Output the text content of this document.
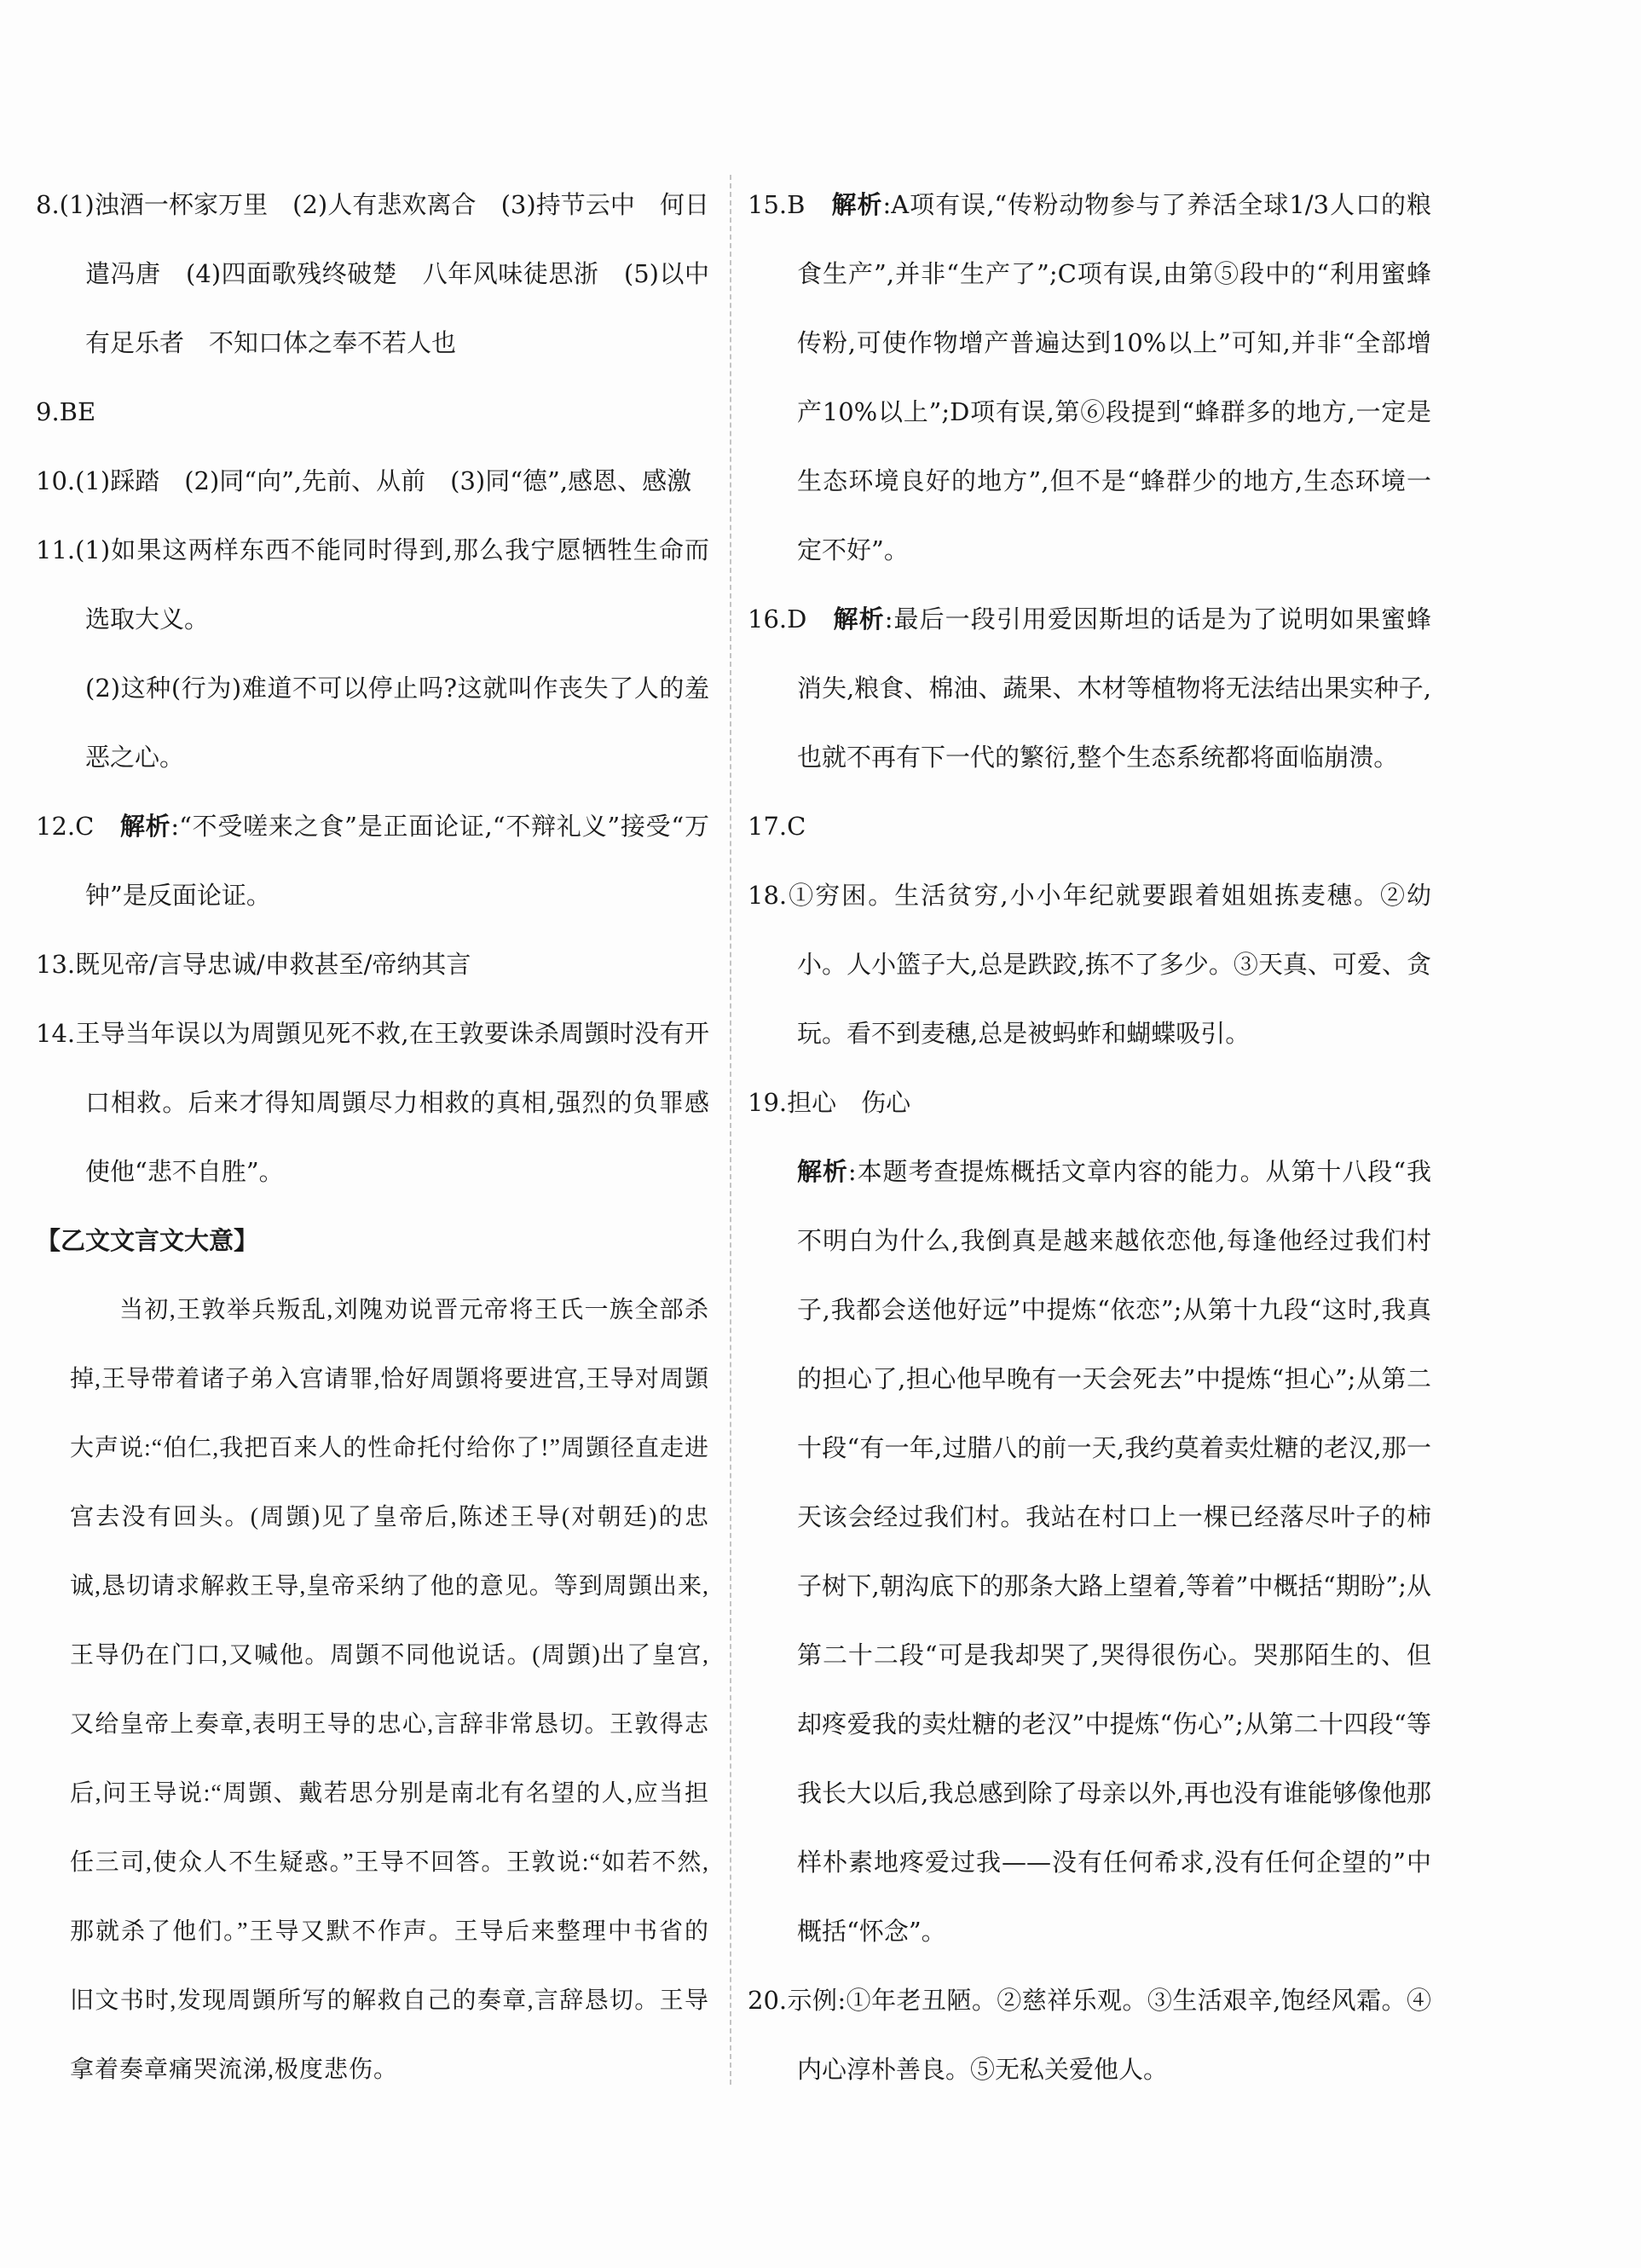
8.(1)浊酒一杯家万里　(2)人有悲欢离合　(3)持节云中　何日遣冯唐　(4)四面歌残终破楚　八年风味徒思浙　(5)以中有足乐者　不知口体之奉不若人也

9.BE

10.(1)踩踏　(2)同“向”,先前、从前　(3)同“德”,感恩、感激

11.(1)如果这两样东西不能同时得到,那么我宁愿牺牲生命而选取大义。

(2)这种(行为)难道不可以停止吗?这就叫作丧失了人的羞恶之心。

12.C　解析:“不受嗟来之食”是正面论证,“不辩礼义”接受“万钟”是反面论证。

13.既见帝/言导忠诚/申救甚至/帝纳其言

14.王导当年误以为周顗见死不救,在王敦要诛杀周顗时没有开口相救。后来才得知周顗尽力相救的真相,强烈的负罪感使他“悲不自胜”。

【乙文文言文大意】

当初,王敦举兵叛乱,刘隗劝说晋元帝将王氏一族全部杀掉,王导带着诸子弟入宫请罪,恰好周顗将要进宫,王导对周顗大声说:“伯仁,我把百来人的性命托付给你了!”周顗径直走进宫去没有回头。(周顗)见了皇帝后,陈述王导(对朝廷)的忠诚,恳切请求解救王导,皇帝采纳了他的意见。等到周顗出来,王导仍在门口,又喊他。周顗不同他说话。(周顗)出了皇宫,又给皇帝上奏章,表明王导的忠心,言辞非常恳切。王敦得志后,问王导说:“周顗、戴若思分别是南北有名望的人,应当担任三司,使众人不生疑惑。”王导不回答。王敦说:“如若不然,那就杀了他们。”王导又默不作声。王导后来整理中书省的旧文书时,发现周顗所写的解救自己的奏章,言辞恳切。王导拿着奏章痛哭流涕,极度悲伤。

15.B　解析:A项有误,“传粉动物参与了养活全球1/3人口的粮食生产”,并非“生产了”;C项有误,由第⑤段中的“利用蜜蜂传粉,可使作物增产普遍达到10%以上”可知,并非“全部增产10%以上”;D项有误,第⑥段提到“蜂群多的地方,一定是生态环境良好的地方”,但不是“蜂群少的地方,生态环境一定不好”。

16.D　解析:最后一段引用爱因斯坦的话是为了说明如果蜜蜂消失,粮食、棉油、蔬果、木材等植物将无法结出果实种子,也就不再有下一代的繁衍,整个生态系统都将面临崩溃。

17.C

18.①穷困。生活贫穷,小小年纪就要跟着姐姐拣麦穗。②幼小。人小篮子大,总是跌跤,拣不了多少。③天真、可爱、贪玩。看不到麦穗,总是被蚂蚱和蝴蝶吸引。

19.担心　伤心

解析:本题考查提炼概括文章内容的能力。从第十八段“我不明白为什么,我倒真是越来越依恋他,每逢他经过我们村子,我都会送他好远”中提炼“依恋”;从第十九段“这时,我真的担心了,担心他早晚有一天会死去”中提炼“担心”;从第二十段“有一年,过腊八的前一天,我约莫着卖灶糖的老汉,那一天该会经过我们村。我站在村口上一棵已经落尽叶子的柿子树下,朝沟底下的那条大路上望着,等着”中概括“期盼”;从第二十二段“可是我却哭了,哭得很伤心。哭那陌生的、但却疼爱我的卖灶糖的老汉”中提炼“伤心”;从第二十四段“等我长大以后,我总感到除了母亲以外,再也没有谁能够像他那样朴素地疼爱过我——没有任何希求,没有任何企望的”中概括“怀念”。

20.示例:①年老丑陋。②慈祥乐观。③生活艰辛,饱经风霜。④内心淳朴善良。⑤无私关爱他人。
